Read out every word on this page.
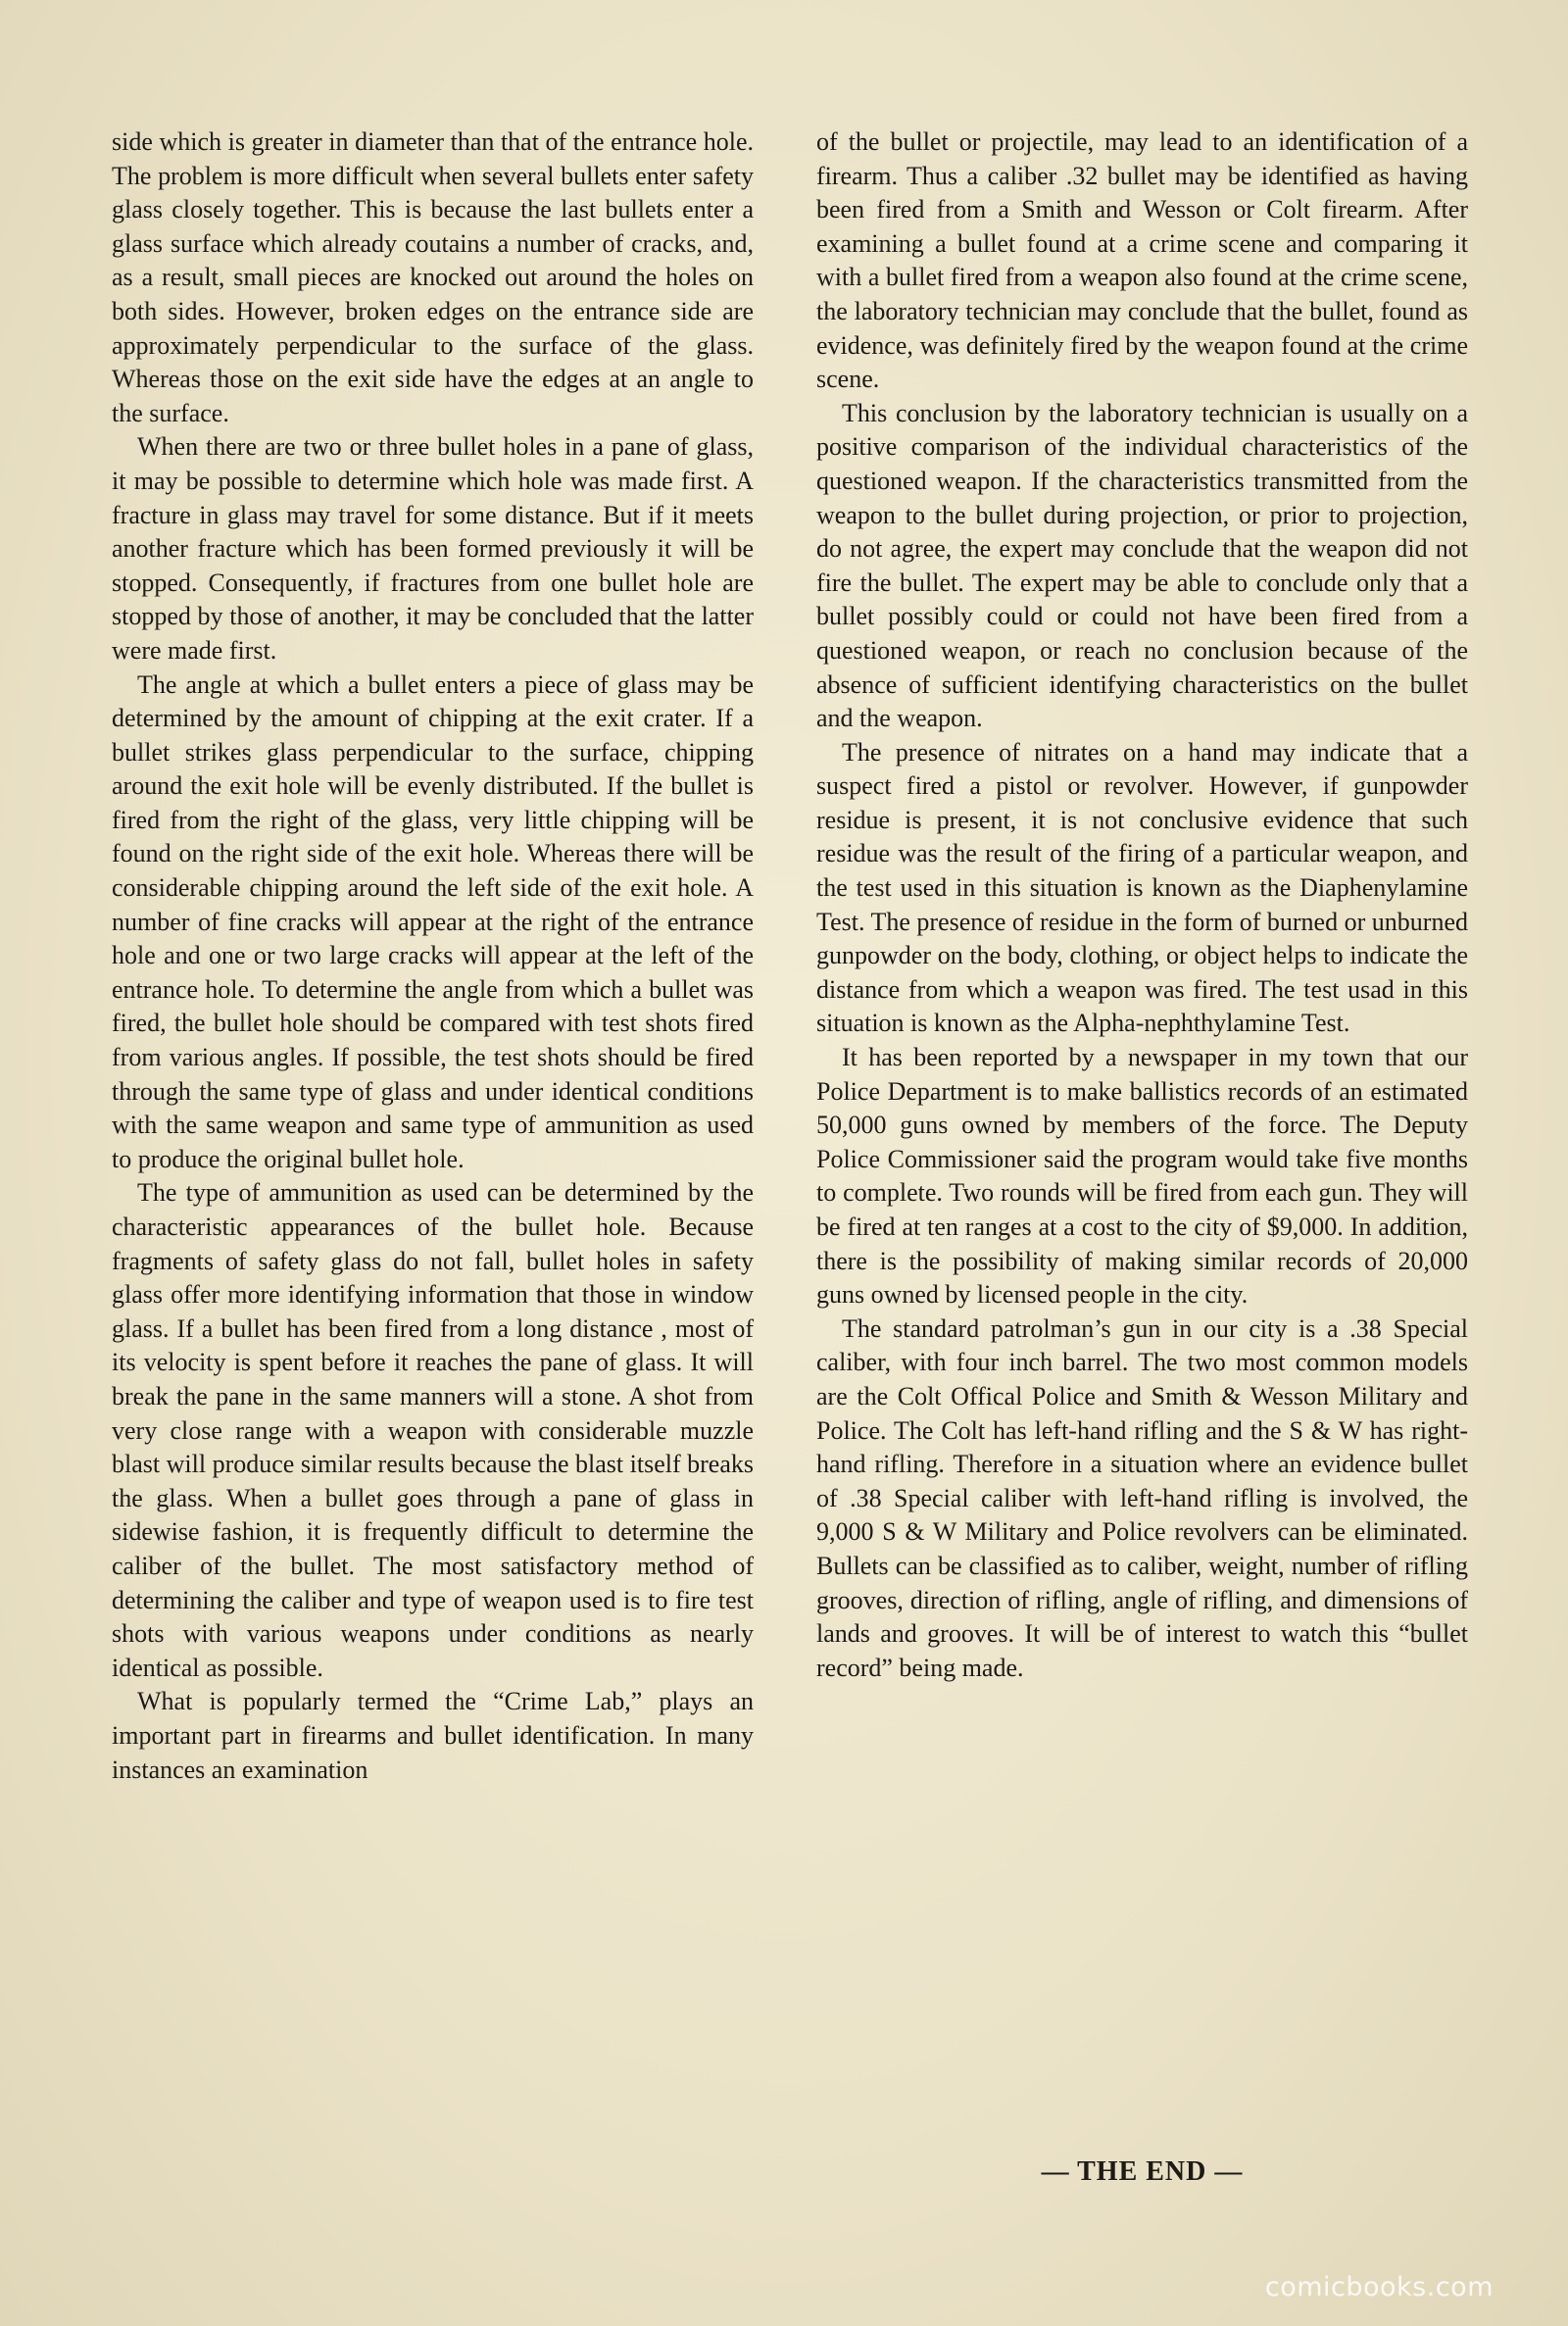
side which is greater in diameter than that of the entrance hole. The problem is more difficult when several bullets enter safety glass closely together. This is because the last bullets enter a glass surface which already coutains a number of cracks, and, as a result, small pieces are knocked out around the holes on both sides. However, broken edges on the entrance side are approximately perpendicular to the surface of the glass. Whereas those on the exit side have the edges at an angle to the surface.

When there are two or three bullet holes in a pane of glass, it may be possible to determine which hole was made first. A fracture in glass may travel for some distance. But if it meets another fracture which has been formed previously it will be stopped. Consequently, if fractures from one bullet hole are stopped by those of another, it may be concluded that the latter were made first.

The angle at which a bullet enters a piece of glass may be determined by the amount of chipping at the exit crater. If a bullet strikes glass perpendicular to the surface, chipping around the exit hole will be evenly distributed. If the bullet is fired from the right of the glass, very little chipping will be found on the right side of the exit hole. Whereas there will be considerable chipping around the left side of the exit hole. A number of fine cracks will appear at the right of the entrance hole and one or two large cracks will appear at the left of the entrance hole. To determine the angle from which a bullet was fired, the bullet hole should be compared with test shots fired from various angles. If possible, the test shots should be fired through the same type of glass and under identical conditions with the same weapon and same type of ammunition as used to produce the original bullet hole.

The type of ammunition as used can be determined by the characteristic appearances of the bullet hole. Because fragments of safety glass do not fall, bullet holes in safety glass offer more identifying information that those in window glass. If a bullet has been fired from a long distance , most of its velocity is spent before it reaches the pane of glass. It will break the pane in the same manners will a stone. A shot from very close range with a weapon with considerable muzzle blast will produce similar results because the blast itself breaks the glass. When a bullet goes through a pane of glass in sidewise fashion, it is frequently difficult to determine the caliber of the bullet. The most satisfactory method of determining the caliber and type of weapon used is to fire test shots with various weapons under conditions as nearly identical as possible.

What is popularly termed the “Crime Lab,” plays an important part in firearms and bullet identification. In many instances an examination

of the bullet or projectile, may lead to an identification of a firearm. Thus a caliber .32 bullet may be identified as having been fired from a Smith and Wesson or Colt firearm. After examining a bullet found at a crime scene and comparing it with a bullet fired from a weapon also found at the crime scene, the laboratory technician may conclude that the bullet, found as evidence, was definitely fired by the weapon found at the crime scene.

This conclusion by the laboratory technician is usually on a positive comparison of the individual characteristics of the questioned weapon. If the characteristics transmitted from the weapon to the bullet during projection, or prior to projection, do not agree, the expert may conclude that the weapon did not fire the bullet. The expert may be able to conclude only that a bullet possibly could or could not have been fired from a questioned weapon, or reach no conclusion because of the absence of sufficient identifying characteristics on the bullet and the weapon.

The presence of nitrates on a hand may indicate that a suspect fired a pistol or revolver. However, if gunpowder residue is present, it is not conclusive evidence that such residue was the result of the firing of a particular weapon, and the test used in this situation is known as the Diaphenylamine Test. The presence of residue in the form of burned or unburned gunpowder on the body, clothing, or object helps to indicate the distance from which a weapon was fired. The test usad in this situation is known as the Alpha-nephthylamine Test.

It has been reported by a newspaper in my town that our Police Department is to make ballistics records of an estimated 50,000 guns owned by members of the force. The Deputy Police Commissioner said the program would take five months to complete. Two rounds will be fired from each gun. They will be fired at ten ranges at a cost to the city of $9,000. In addition, there is the possibility of making similar records of 20,000 guns owned by licensed people in the city.

The standard patrolman’s gun in our city is a .38 Special caliber, with four inch barrel. The two most common models are the Colt Offical Police and Smith & Wesson Military and Police. The Colt has left-hand rifling and the S & W has right-hand rifling. Therefore in a situation where an evidence bullet of .38 Special caliber with left-hand rifling is involved, the 9,000 S & W Military and Police revolvers can be eliminated. Bullets can be classified as to caliber, weight, number of rifling grooves, direction of rifling, angle of rifling, and dimensions of lands and grooves. It will be of interest to watch this “bullet record” being made.

— THE END —
comicbooks.com
